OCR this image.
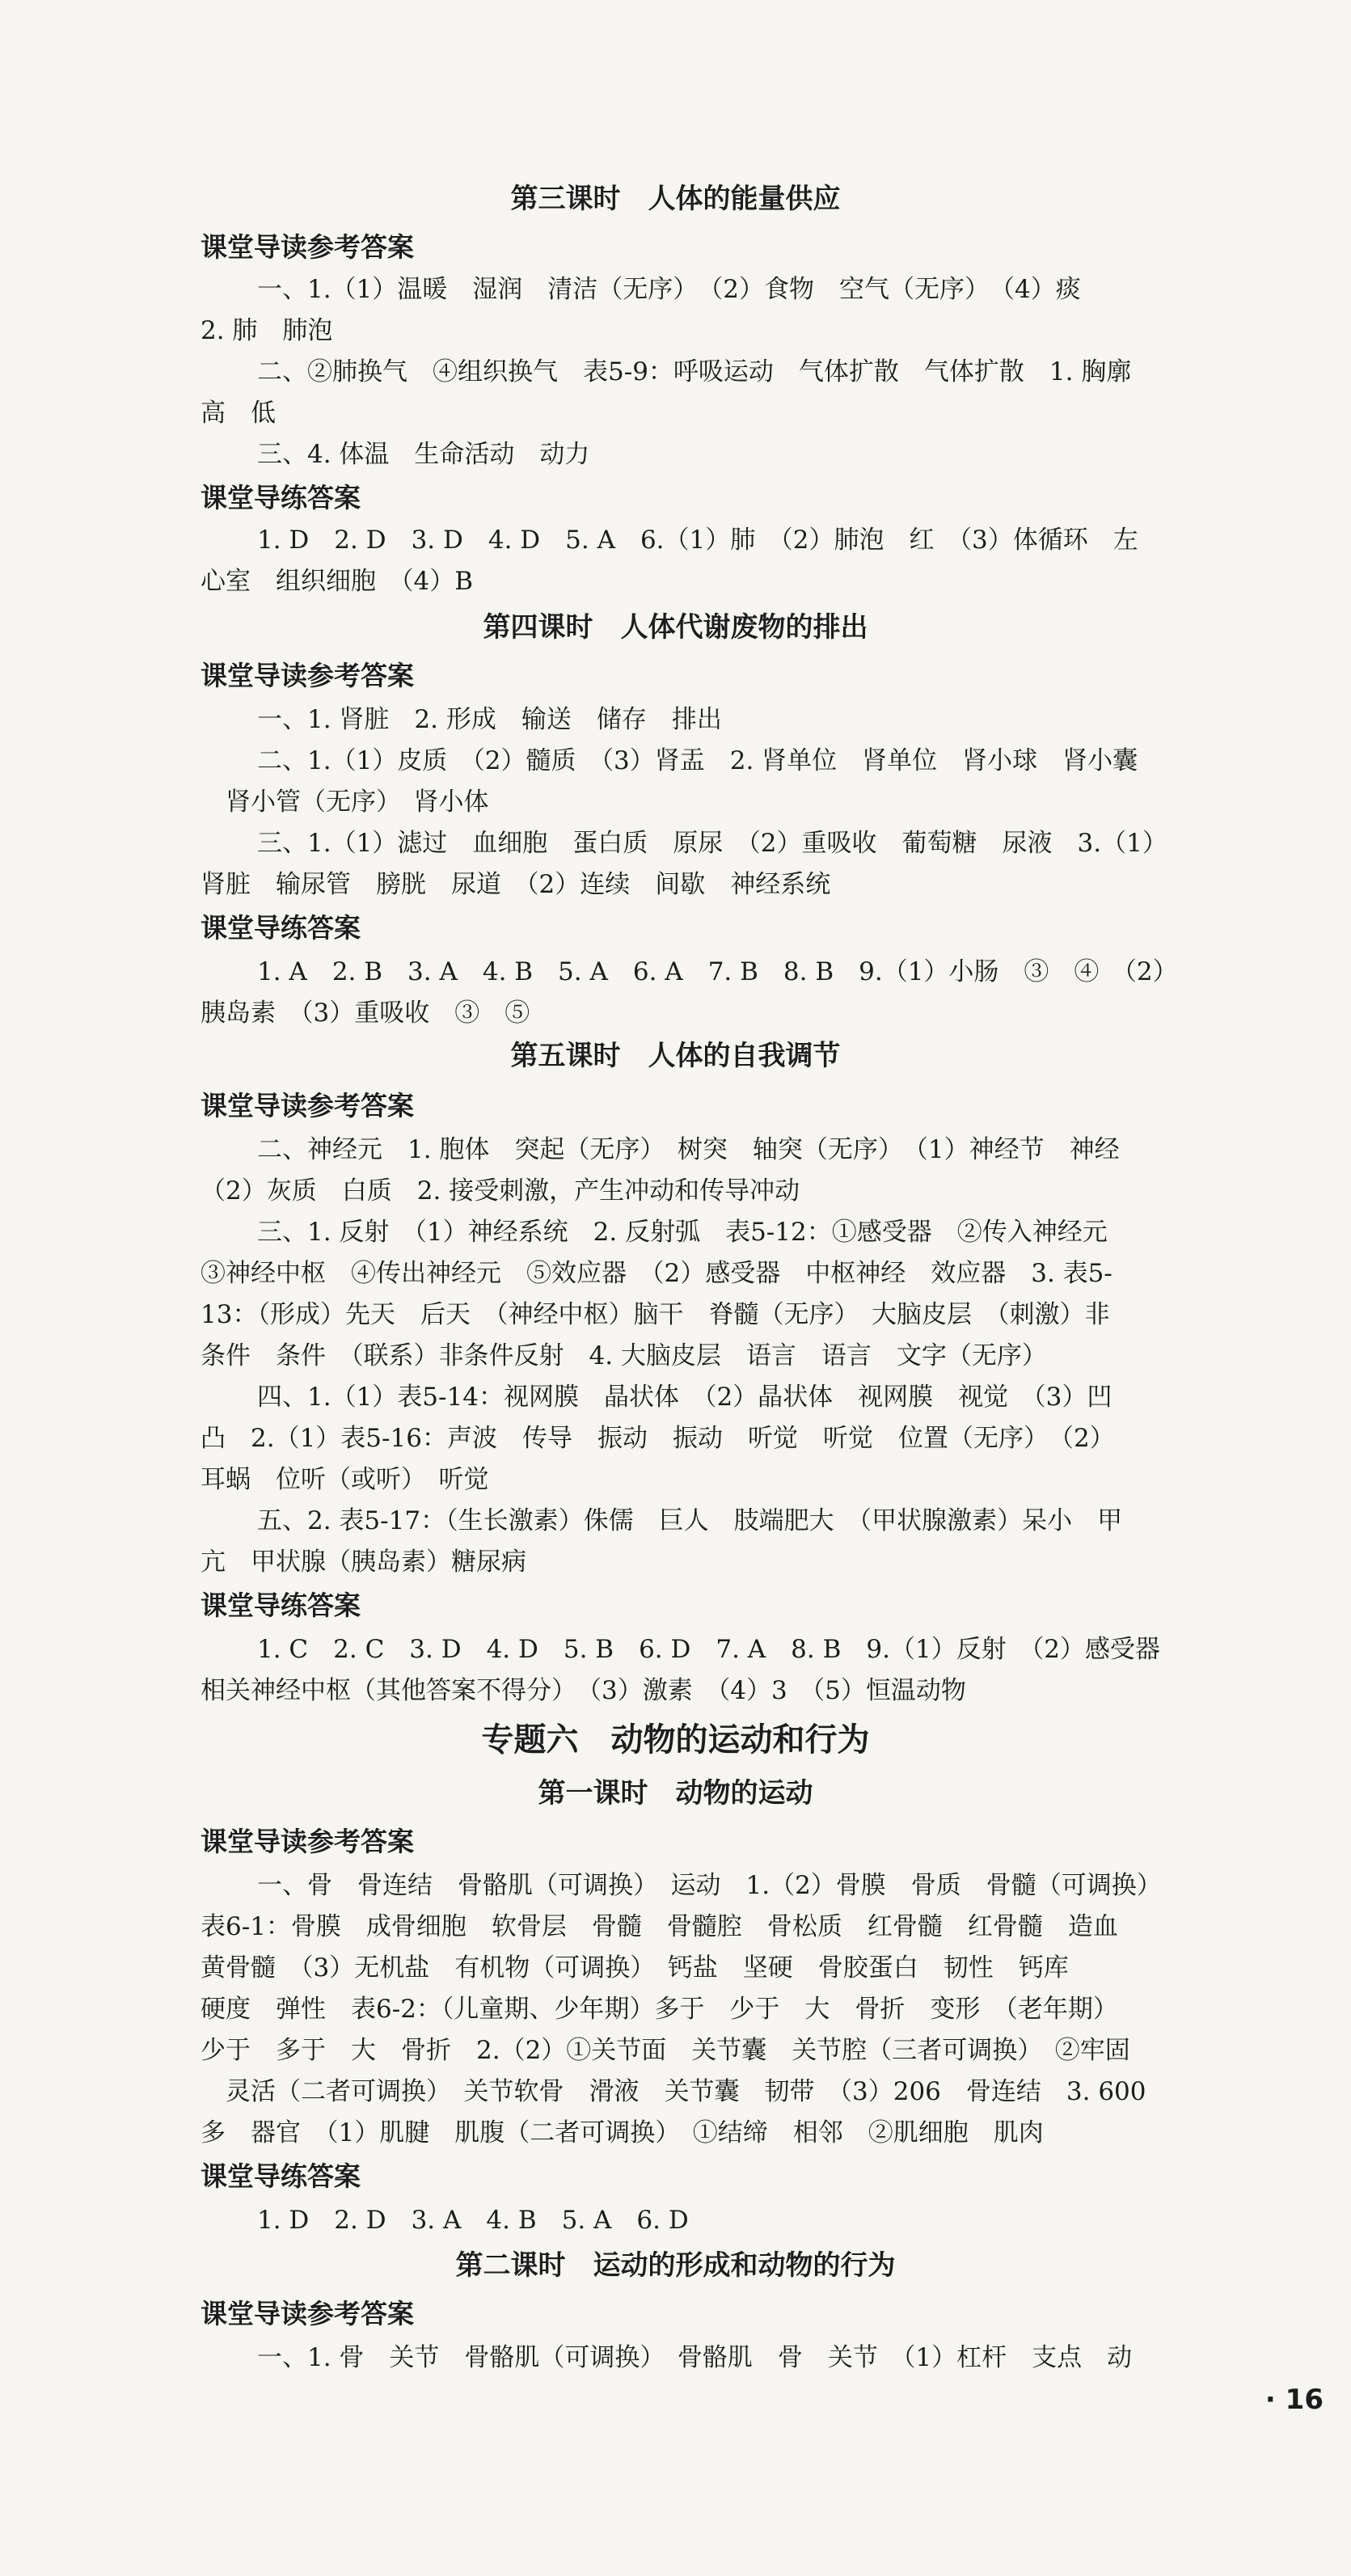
第三课时　人体的能量供应
课堂导读参考答案
一、1.（1）温暖　湿润　清洁（无序）　（2）食物　空气（无序）　（4）痰
2. 肺　肺泡
二、②肺换气　④组织换气　表5-9：呼吸运动　气体扩散　气体扩散　1. 胸廓
高　低
三、4. 体温　生命活动　动力
课堂导练答案
1. D　2. D　3. D　4. D　5. A　6.（1）肺　（2）肺泡　红　（3）体循环　左
心室　组织细胞　（4）B
第四课时　人体代谢废物的排出
课堂导读参考答案
一、1. 肾脏　2. 形成　输送　储存　排出
二、1.（1）皮质　（2）髓质　（3）肾盂　2. 肾单位　肾单位　肾小球　肾小囊
　肾小管（无序）　肾小体
三、1.（1）滤过　血细胞　蛋白质　原尿　（2）重吸收　葡萄糖　尿液　3.（1）
肾脏　输尿管　膀胱　尿道　（2）连续　间歇　神经系统
课堂导练答案
1. A　2. B　3. A　4. B　5. A　6. A　7. B　8. B　9.（1）小肠　③　④　（2）
胰岛素　（3）重吸收　③　⑤
第五课时　人体的自我调节
课堂导读参考答案
二、神经元　1. 胞体　突起（无序）　树突　轴突（无序）　（1）神经节　神经
（2）灰质　白质　2. 接受刺激，产生冲动和传导冲动
三、1. 反射　（1）神经系统　2. 反射弧　表5-12：①感受器　②传入神经元
③神经中枢　④传出神经元　⑤效应器　（2）感受器　中枢神经　效应器　3. 表5-
13：（形成）先天　后天　（神经中枢）脑干　脊髓（无序）　大脑皮层　（刺激）非
条件　条件　（联系）非条件反射　4. 大脑皮层　语言　语言　文字（无序）
四、1.（1）表5-14：视网膜　晶状体　（2）晶状体　视网膜　视觉　（3）凹
凸　2.（1）表5-16：声波　传导　振动　振动　听觉　听觉　位置（无序）　（2）
耳蜗　位听（或听）　听觉
五、2. 表5-17：（生长激素）侏儒　巨人　肢端肥大　（甲状腺激素）呆小　甲
亢　甲状腺（胰岛素）糖尿病
课堂导练答案
1. C　2. C　3. D　4. D　5. B　6. D　7. A　8. B　9.（1）反射　（2）感受器
相关神经中枢（其他答案不得分）　（3）激素　（4）3　（5）恒温动物
专题六　动物的运动和行为
第一课时　动物的运动
课堂导读参考答案
一、骨　骨连结　骨骼肌（可调换）　运动　1.（2）骨膜　骨质　骨髓（可调换）
表6-1：骨膜　成骨细胞　软骨层　骨髓　骨髓腔　骨松质　红骨髓　红骨髓　造血
黄骨髓　（3）无机盐　有机物（可调换）　钙盐　坚硬　骨胶蛋白　韧性　钙库
硬度　弹性　表6-2：（儿童期、少年期）多于　少于　大　骨折　变形　（老年期）
少于　多于　大　骨折　2.（2）①关节面　关节囊　关节腔（三者可调换）　②牢固
　灵活（二者可调换）　关节软骨　滑液　关节囊　韧带　（3）206　骨连结　3. 600
多　器官　（1）肌腱　肌腹（二者可调换）　①结缔　相邻　②肌细胞　肌肉
课堂导练答案
1. D　2. D　3. A　4. B　5. A　6. D
第二课时　运动的形成和动物的行为
课堂导读参考答案
一、1. 骨　关节　骨骼肌（可调换）　骨骼肌　骨　关节　（1）杠杆　支点　动
· 16
